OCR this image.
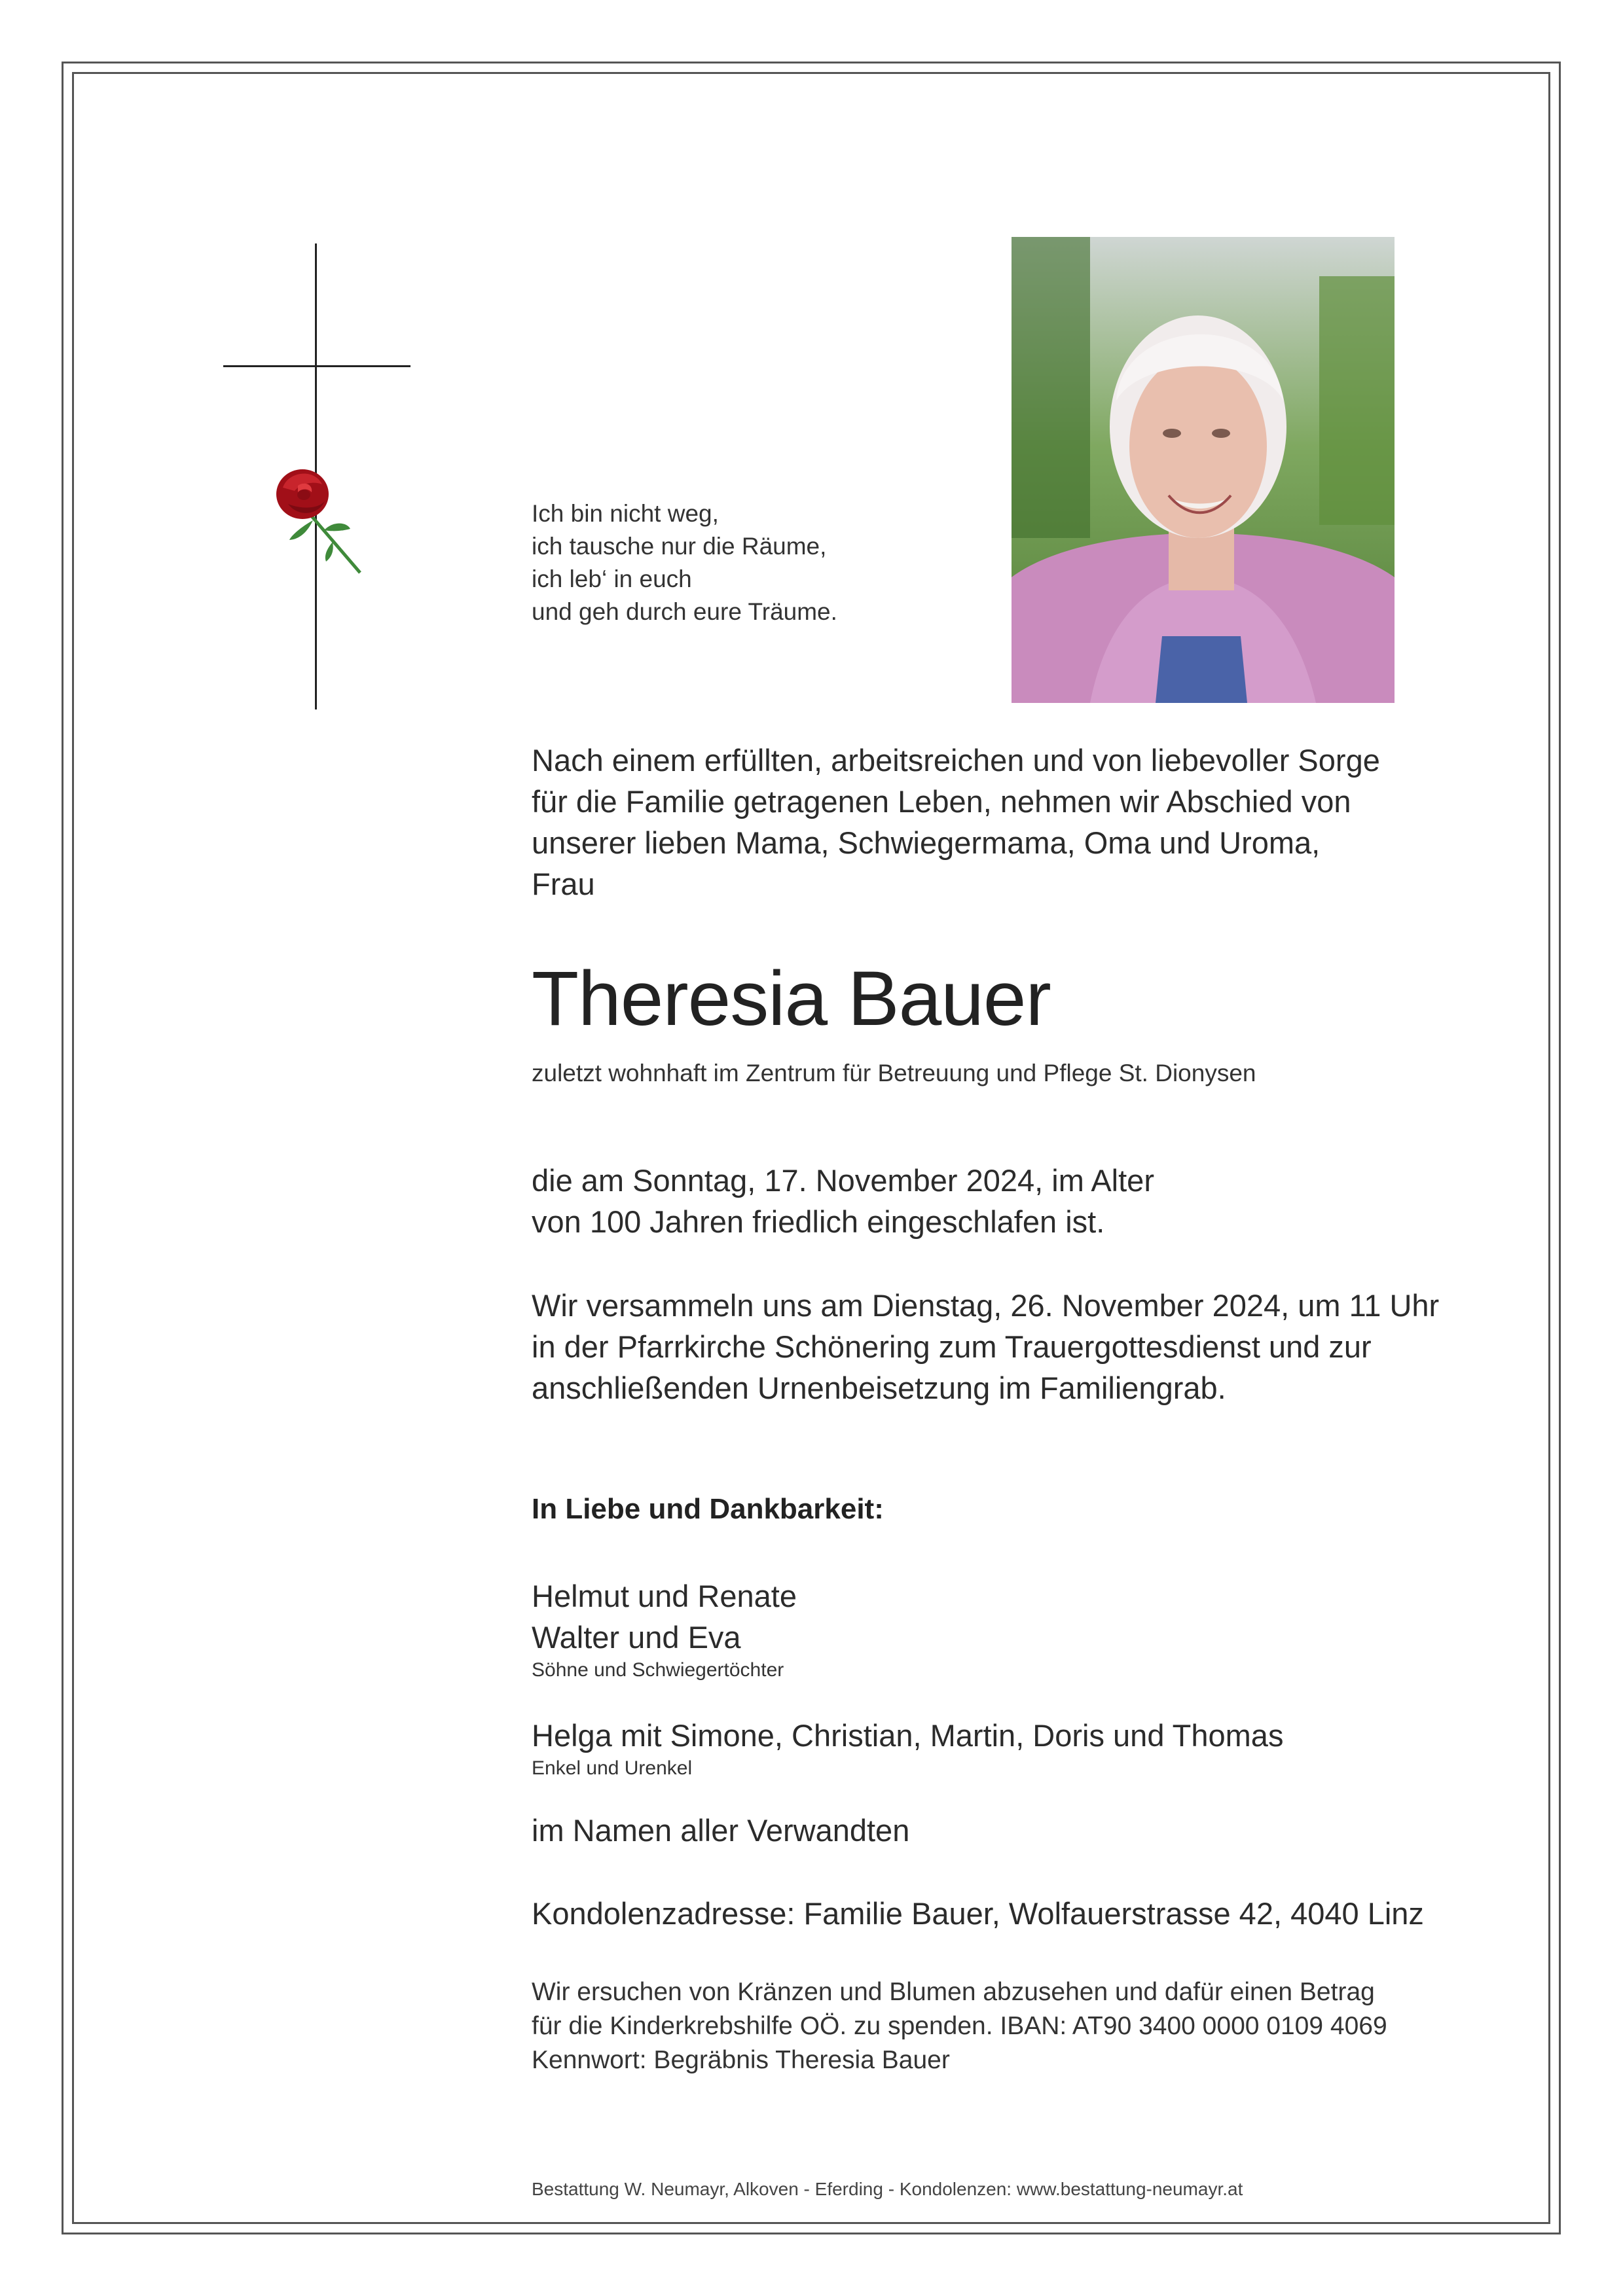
Ich bin nicht weg,
ich tausche nur die Räume,
ich leb‘ in euch
und geh durch eure Träume.
Nach einem erfüllten, arbeitsreichen und von liebevoller Sorge
für die Familie getragenen Leben, nehmen wir Abschied von
unserer lieben Mama, Schwiegermama, Oma und Uroma,
Frau
Theresia Bauer
zuletzt wohnhaft im Zentrum für Betreuung und Pflege St. Dionysen
die am Sonntag, 17. November 2024, im Alter
von 100 Jahren friedlich eingeschlafen ist.
Wir versammeln uns am Dienstag, 26. November 2024, um 11 Uhr
in der Pfarrkirche Schönering zum Trauergottesdienst und zur
anschließenden Urnenbeisetzung im Familiengrab.
In Liebe und Dankbarkeit:
Helmut und Renate
Walter und Eva
Söhne und Schwiegertöchter
Helga mit Simone, Christian, Martin, Doris und Thomas
Enkel und Urenkel
im Namen aller Verwandten
Kondolenzadresse: Familie Bauer, Wolfauerstrasse 42, 4040 Linz
Wir ersuchen von Kränzen und Blumen abzusehen und dafür einen Betrag
für die Kinderkrebshilfe OÖ. zu spenden. IBAN: AT90 3400 0000 0109 4069
Kennwort: Begräbnis Theresia Bauer
Bestattung W. Neumayr, Alkoven - Eferding - Kondolenzen: www.bestattung-neumayr.at
